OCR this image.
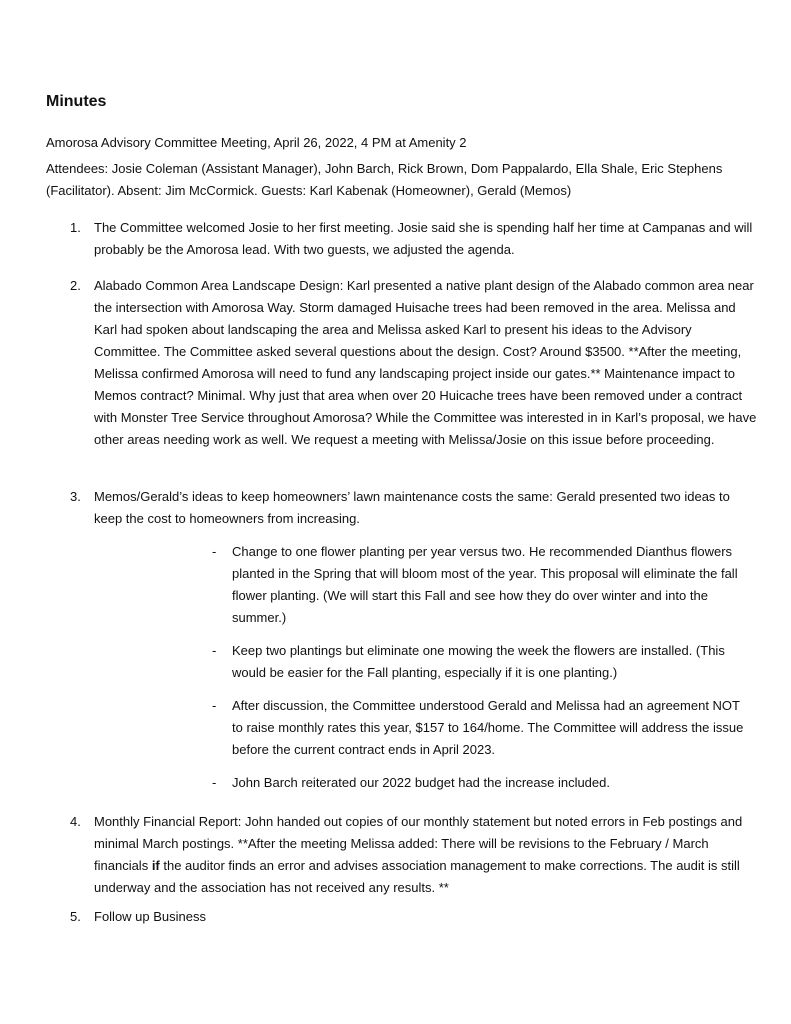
Minutes
Amorosa Advisory Committee Meeting, April 26, 2022, 4 PM at Amenity 2
Attendees: Josie Coleman (Assistant Manager), John Barch, Rick Brown, Dom Pappalardo, Ella Shale, Eric Stephens (Facilitator). Absent: Jim McCormick. Guests: Karl Kabenak (Homeowner), Gerald (Memos)
1. The Committee welcomed Josie to her first meeting. Josie said she is spending half her time at Campanas and will probably be the Amorosa lead. With two guests, we adjusted the agenda.
2. Alabado Common Area Landscape Design: Karl presented a native plant design of the Alabado common area near the intersection with Amorosa Way. Storm damaged Huisache trees had been removed in the area. Melissa and Karl had spoken about landscaping the area and Melissa asked Karl to present his ideas to the Advisory Committee. The Committee asked several questions about the design. Cost? Around $3500. **After the meeting, Melissa confirmed Amorosa will need to fund any landscaping project inside our gates.** Maintenance impact to Memos contract? Minimal. Why just that area when over 20 Huicache trees have been removed under a contract with Monster Tree Service throughout Amorosa? While the Committee was interested in in Karl’s proposal, we have other areas needing work as well. We request a meeting with Melissa/Josie on this issue before proceeding.
3. Memos/Gerald’s ideas to keep homeowners’ lawn maintenance costs the same: Gerald presented two ideas to keep the cost to homeowners from increasing.
- Change to one flower planting per year versus two. He recommended Dianthus flowers planted in the Spring that will bloom most of the year. This proposal will eliminate the fall flower planting. (We will start this Fall and see how they do over winter and into the summer.)
- Keep two plantings but eliminate one mowing the week the flowers are installed. (This would be easier for the Fall planting, especially if it is one planting.)
- After discussion, the Committee understood Gerald and Melissa had an agreement NOT to raise monthly rates this year, $157 to 164/home. The Committee will address the issue before the current contract ends in April 2023.
- John Barch reiterated our 2022 budget had the increase included.
4. Monthly Financial Report: John handed out copies of our monthly statement but noted errors in Feb postings and minimal March postings. **After the meeting Melissa added: There will be revisions to the February / March financials if the auditor finds an error and advises association management to make corrections. The audit is still underway and the association has not received any results. **
5. Follow up Business
